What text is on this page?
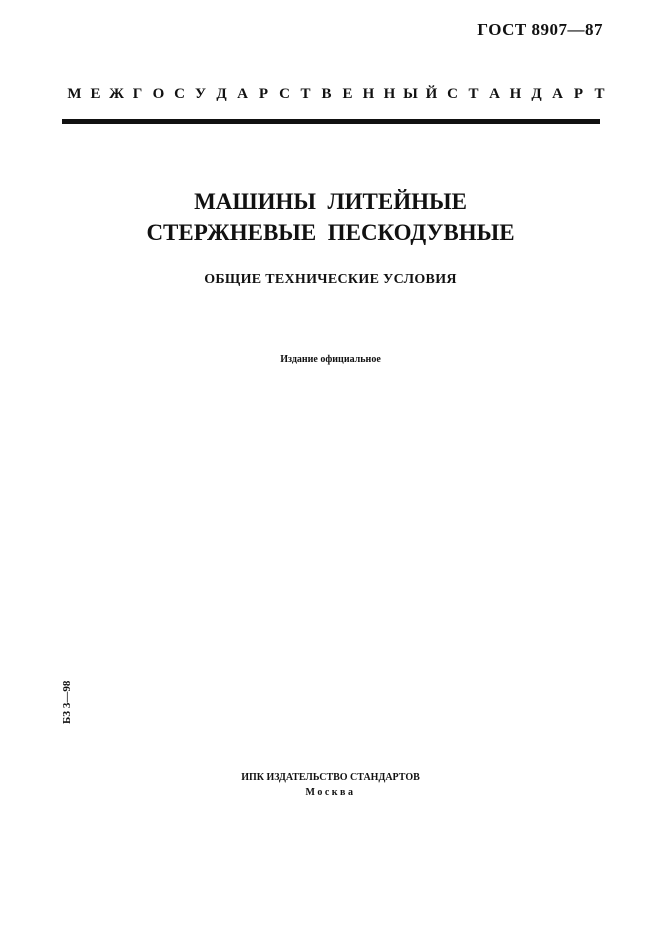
ГОСТ 8907—87
М Е Ж Г О С У Д А Р С Т В Е Н Н Ы Й С Т А Н Д А Р Т
МАШИНЫ  ЛИТЕЙНЫЕ
СТЕРЖНЕВЫЕ  ПЕСКОДУВНЫЕ
ОБЩИЕ ТЕХНИЧЕСКИЕ УСЛОВИЯ
Издание официальное
БЗ 3—98
ИПК ИЗДАТЕЛЬСТВО СТАНДАРТОВ
Москва
